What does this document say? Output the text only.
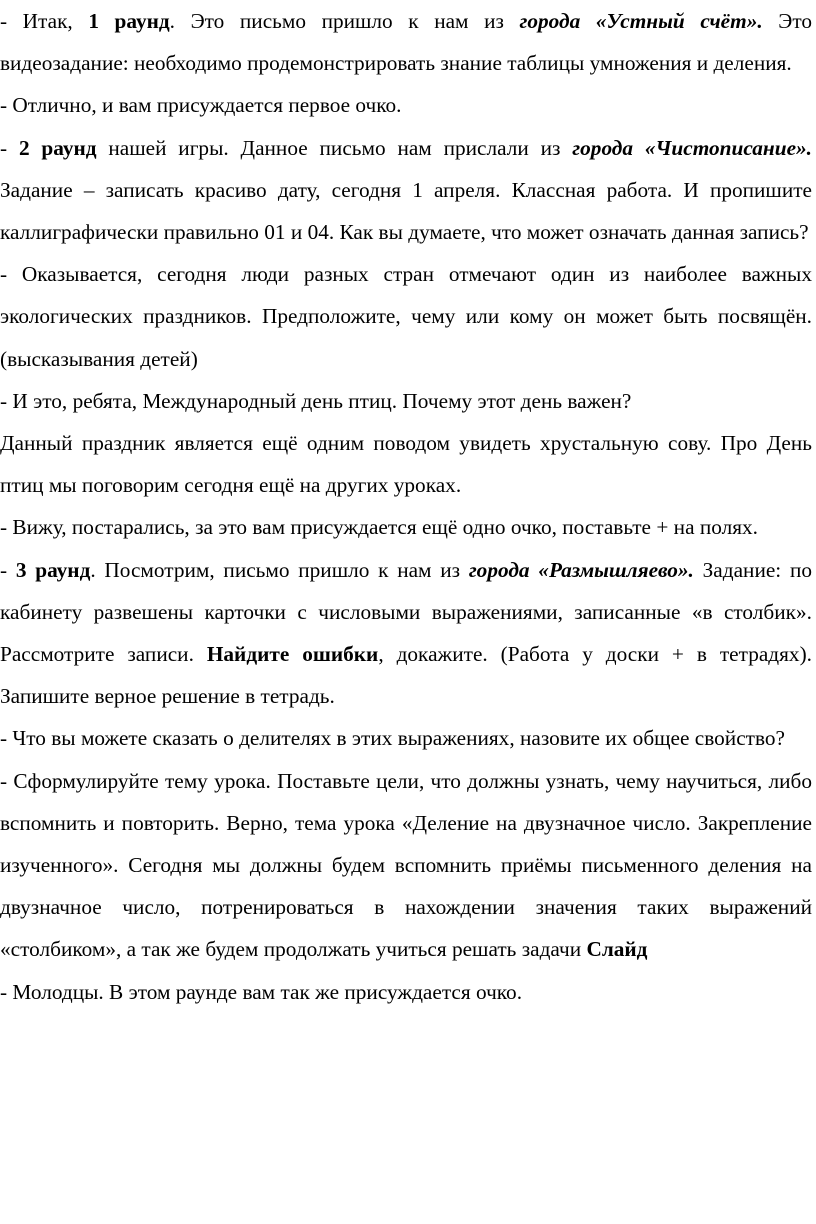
- Итак, 1 раунд. Это письмо пришло к нам из города «Устный счёт». Это видеозадание: необходимо продемонстрировать знание таблицы умножения и деления.

- Отлично, и вам присуждается первое очко.

- 2 раунд нашей игры. Данное письмо нам прислали из города «Чистописание». Задание – записать красиво дату, сегодня 1 апреля. Классная работа. И пропишите каллиграфически правильно 01 и 04. Как вы думаете, что может означать данная запись?

- Оказывается, сегодня люди разных стран отмечают один из наиболее важных экологических праздников. Предположите, чему или кому он может быть посвящён. (высказывания детей)

- И это, ребята, Международный день птиц. Почему этот день важен?

Данный праздник является ещё одним поводом увидеть хрустальную сову. Про День птиц мы поговорим сегодня ещё на других уроках.

- Вижу, постарались, за это вам присуждается ещё одно очко, поставьте + на полях.

- 3 раунд. Посмотрим, письмо пришло к нам из города «Размышляево». Задание: по кабинету развешены карточки с числовыми выражениями, записанные «в столбик». Рассмотрите записи. Найдите ошибки, докажите. (Работа у доски + в тетрадях). Запишите верное решение в тетрадь.

- Что вы можете сказать о делителях в этих выражениях, назовите их общее свойство?

- Сформулируйте тему урока. Поставьте цели, что должны узнать, чему научиться, либо вспомнить и повторить. Верно, тема урока «Деление на двузначное число. Закрепление изученного». Сегодня мы должны будем вспомнить приёмы письменного деления на двузначное число, потренироваться в нахождении значения таких выражений «столбиком», а так же будем продолжать учиться решать задачи Слайд

- Молодцы. В этом раунде вам так же присуждается очко.
